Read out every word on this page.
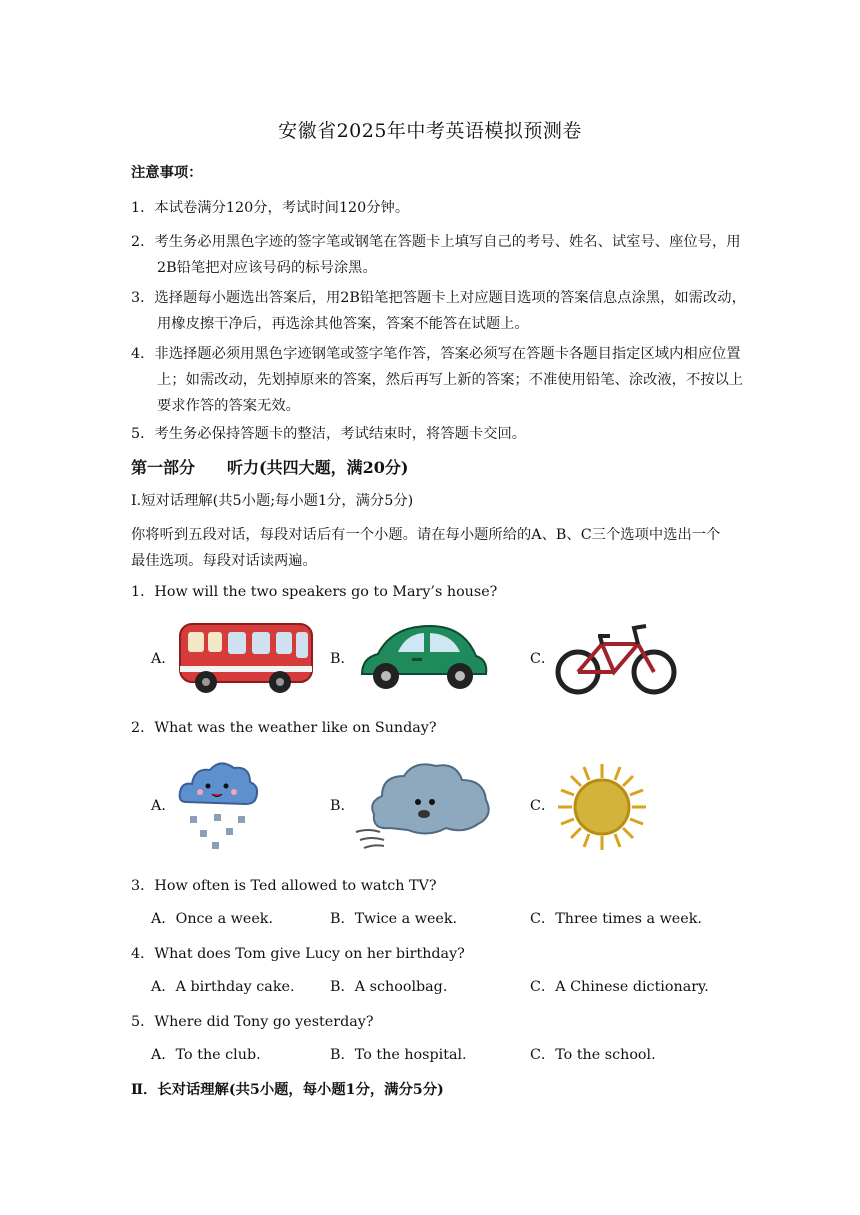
安徽省2025年中考英语模拟预测卷
注意事项：
1．本试卷满分120分，考试时间120分钟。
2．考生务必用黑色字迹的签字笔或钢笔在答题卡上填写自己的考号、姓名、试室号、座位号，用2B铅笔把对应该号码的标号涂黑。
3．选择题每小题选出答案后，用2B铅笔把答题卡上对应题目选项的答案信息点涂黑，如需改动，用橡皮擦干净后，再选涂其他答案，答案不能答在试题上。
4．非选择题必须用黑色字迹钢笔或签字笔作答，答案必须写在答题卡各题目指定区域内相应位置上；如需改动，先划掉原来的答案，然后再写上新的答案；不准使用铅笔、涂改液，不按以上要求作答的答案无效。
5．考生务必保持答题卡的整洁，考试结束时，将答题卡交回。
第一部分　　听力(共四大题，满20分)
Ⅰ.短对话理解(共5小题;每小题1分，满分5分)
你将听到五段对话，每段对话后有一个小题。请在每小题所给的A、B、C三个选项中选出一个最佳选项。每段对话读两遍。
1．How will the two speakers go to Mary’s house?
A．	B．	C．
2．What was the weather like on Sunday?
A．	B．	C．
3．How often is Ted allowed to watch TV?
A．Once a week.	B．Twice a week.	C．Three times a week.
4．What does Tom give Lucy on her birthday?
A．A birthday cake. B．A schoolbag.	C．A Chinese dictionary.
5．Where did Tony go yesterday?
A．To the club.	B．To the hospital.	C．To the school.
Ⅱ．长对话理解(共5小题，每小题1分，满分5分)
